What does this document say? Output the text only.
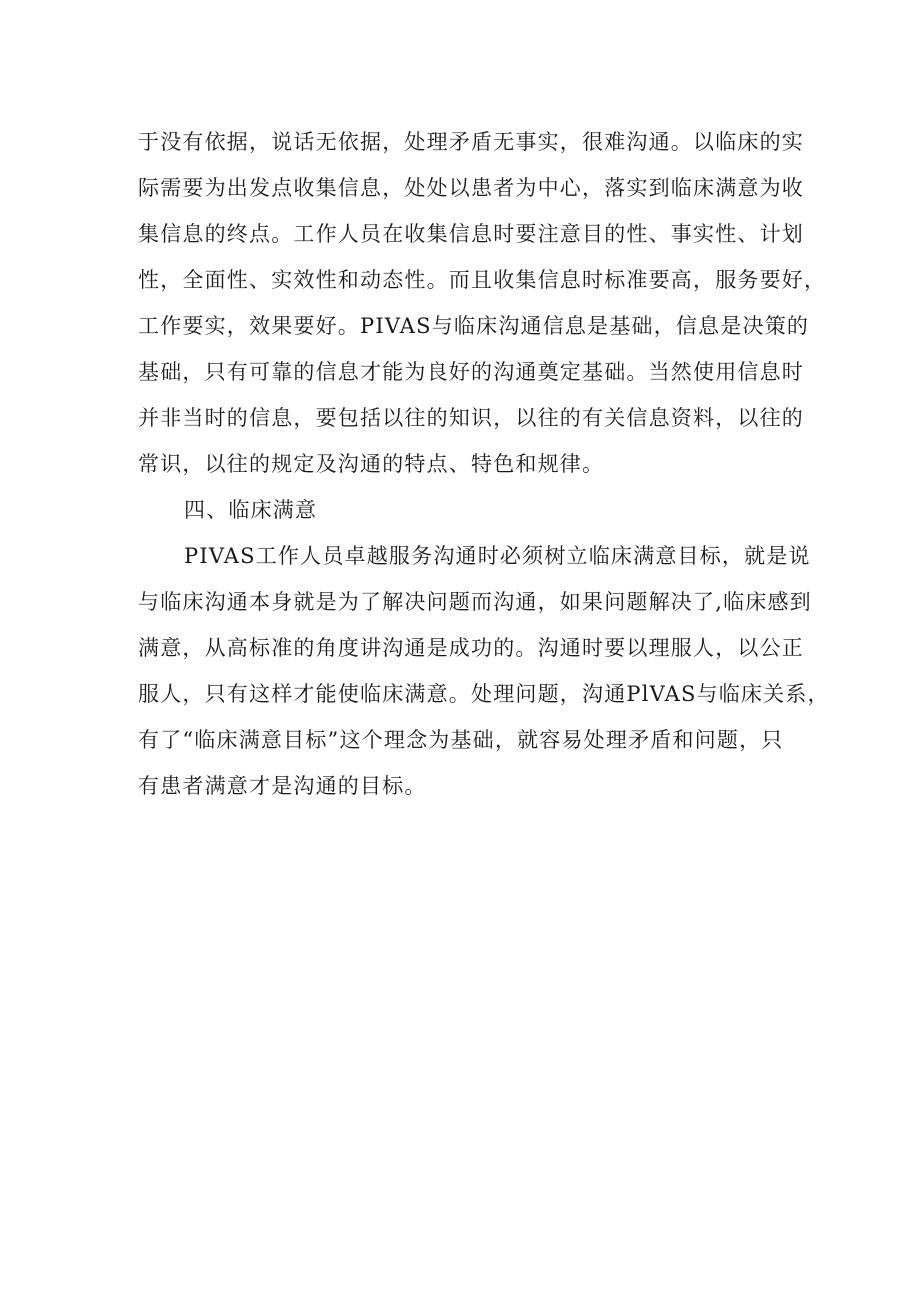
于没有依据，说话无依据，处理矛盾无事实，很难沟通。以临床的实
际需要为出发点收集信息，处处以患者为中心，落实到临床满意为收
集信息的终点。工作人员在收集信息时要注意目的性、事实性、计划
性，全面性、实效性和动态性。而且收集信息时标准要高，服务要好，
工作要实，效果要好。PIVAS与临床沟通信息是基础，信息是决策的
基础，只有可靠的信息才能为良好的沟通奠定基础。当然使用信息时
并非当时的信息，要包括以往的知识，以往的有关信息资料，以往的
常识，以往的规定及沟通的特点、特色和规律。
四、临床满意
PIVAS工作人员卓越服务沟通时必须树立临床满意目标，就是说
与临床沟通本身就是为了解决问题而沟通，如果问题解决了,临床感到
满意，从高标准的角度讲沟通是成功的。沟通时要以理服人，以公正
服人，只有这样才能使临床满意。处理问题，沟通PlVAS与临床关系，
有了“临床满意目标”这个理念为基础，就容易处理矛盾和问题，只
有患者满意才是沟通的目标。
